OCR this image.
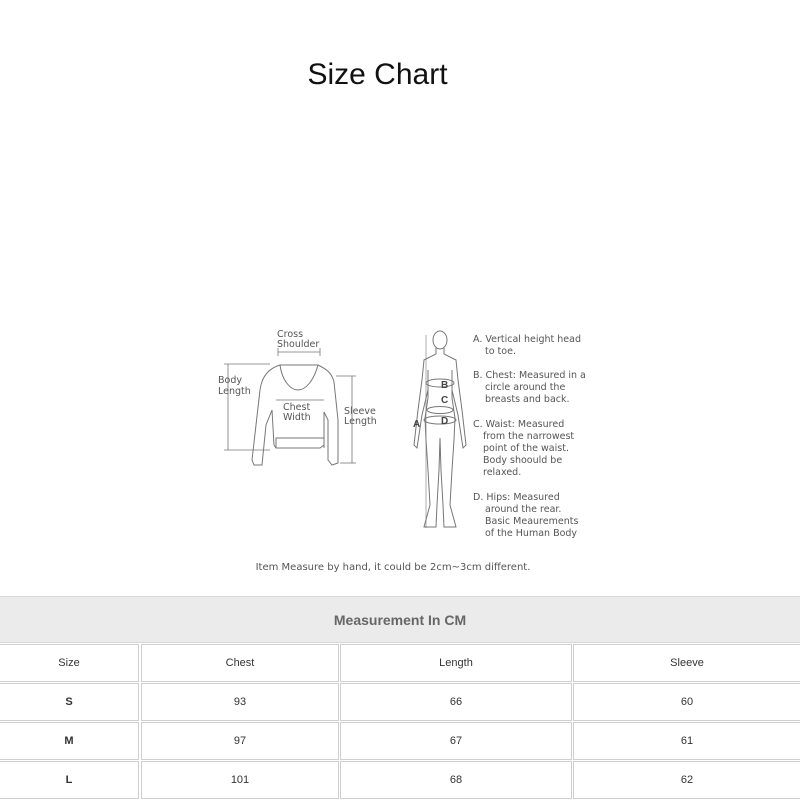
Size Chart
Cross
Shoulder
Body
Length
Chest
Width
Sleeve
Length	A
B
C
D
A. Vertical height head
to toe.
B. Chest: Measured in a
circle around the
breasts and back.
C. Waist: Measured
from the narrowest
point of the waist.
Body shoould be
relaxed.
D. Hips: Measured
around the rear.
Basic Meaurements
of the Human Body
Item Measure by hand, it could be 2cm~3cm different.
Measurement In CM
Size	Chest	Length	Sleeve
S	93	66	60
M	97	67	61
L	101	68	62
